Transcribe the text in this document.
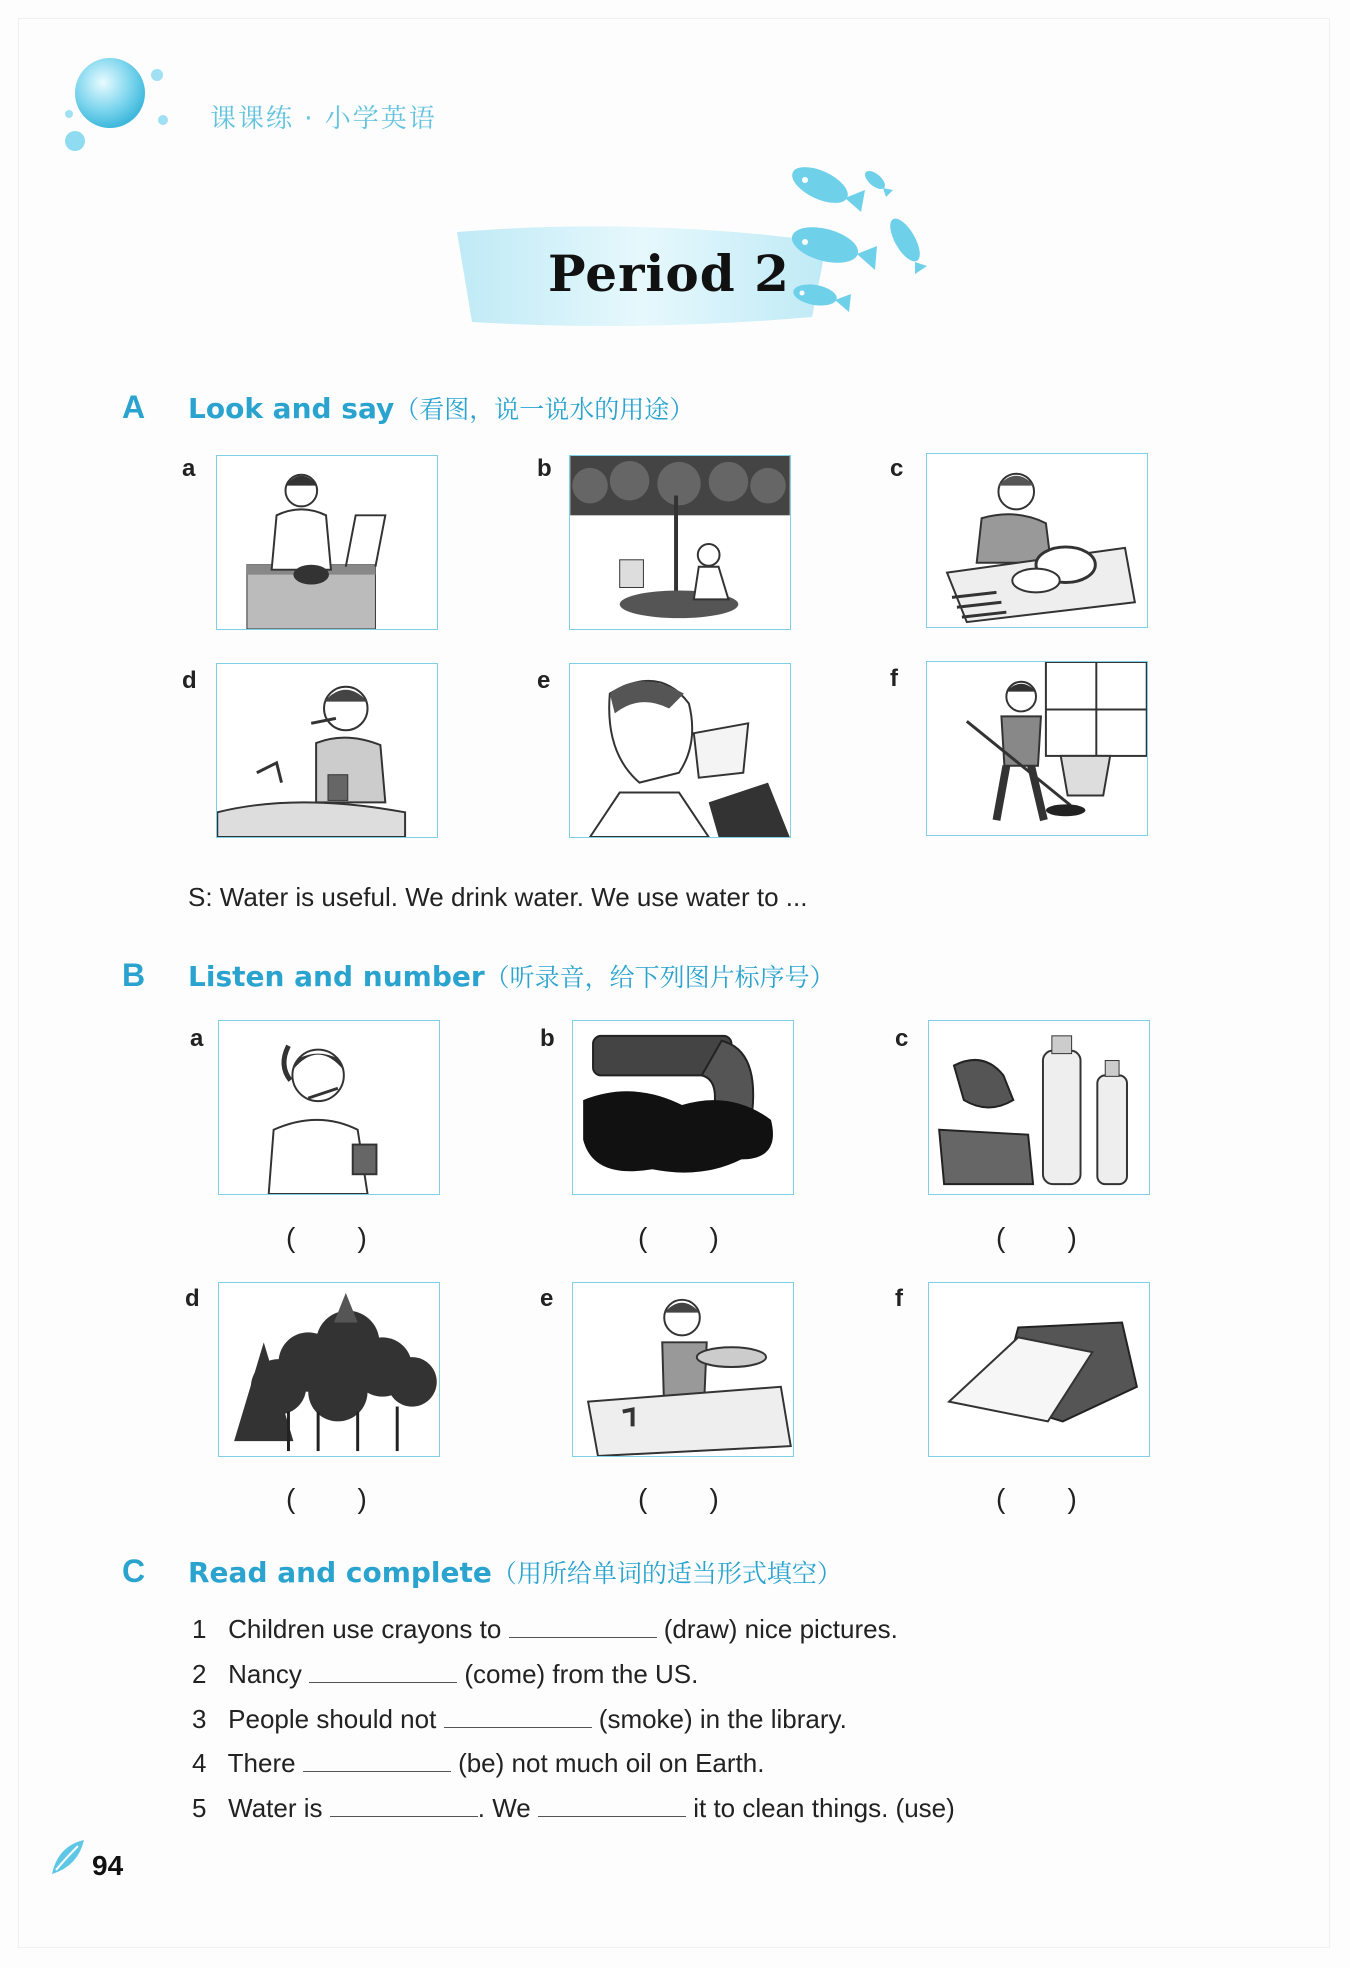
课课练 · 小学英语
Period 2
A Look and say（看图，说一说水的用途）
a	b	c
d	e	f
S: Water is useful. We drink water. We use water to ...
B Listen and number（听录音，给下列图片标序号）
a
(        )
b
(        )
c
(        )
d
(        )
e
(        )
f
(        )
C Read and complete（用所给单词的适当形式填空）
1 Children use crayons to	(draw) nice pictures.
2 Nancy	(come) from the US.
3 People should not	(smoke) in the library.
4 There	(be) not much oil on Earth.
5 Water is	. We	it to clean things. (use)
94
